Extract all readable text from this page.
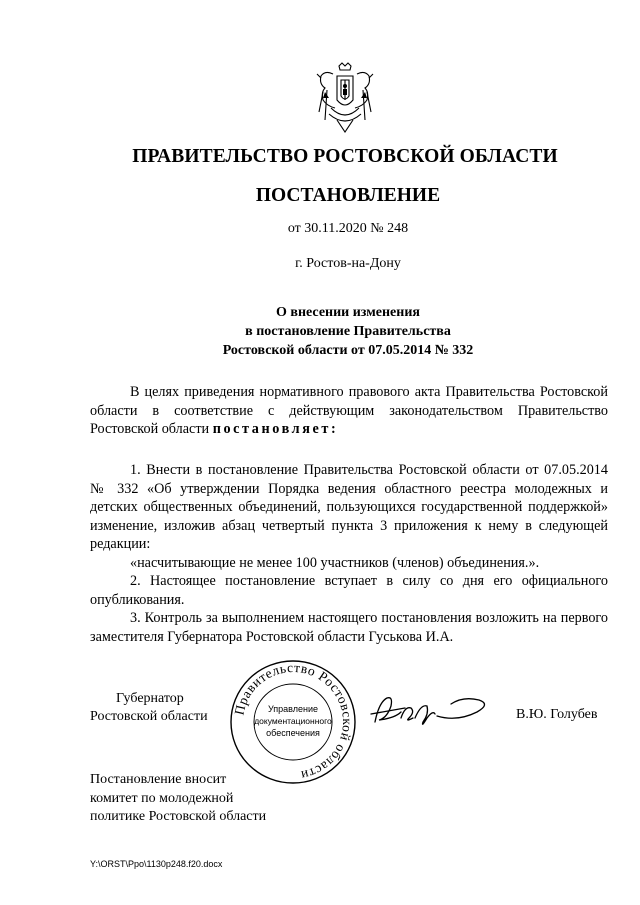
ПРАВИТЕЛЬСТВО РОСТОВСКОЙ ОБЛАСТИ
ПОСТАНОВЛЕНИЕ
от 30.11.2020 № 248
г. Ростов-на-Дону
О внесении изменения
в постановление Правительства
Ростовской области от 07.05.2014 № 332
В целях приведения нормативного правового акта Правительства Ростовской области в соответствие с действующим законодательством Правительство Ростовской области постановляет:

1. Внести в постановление Правительства Ростовской области от 07.05.2014 № 332 «Об утверждении Порядка ведения областного реестра молодежных и детских общественных объединений, пользующихся государственной поддержкой» изменение, изложив абзац четвертый пункта 3 приложения к нему в следующей редакции:

«насчитывающие не менее 100 участников (членов) объединения.».

2. Настоящее постановление вступает в силу со дня его официального опубликования.

3. Контроль за выполнением настоящего постановления возложить на первого заместителя Губернатора Ростовской области Гуськова И.А.

Губернатор
Ростовской области Правительство Ростовской области
Управление
документационного
обеспечения
В.Ю. Голубев
Постановление вносит
комитет по молодежной
политике Ростовской области
Y:\ORST\Ppo\1130p248.f20.docx
